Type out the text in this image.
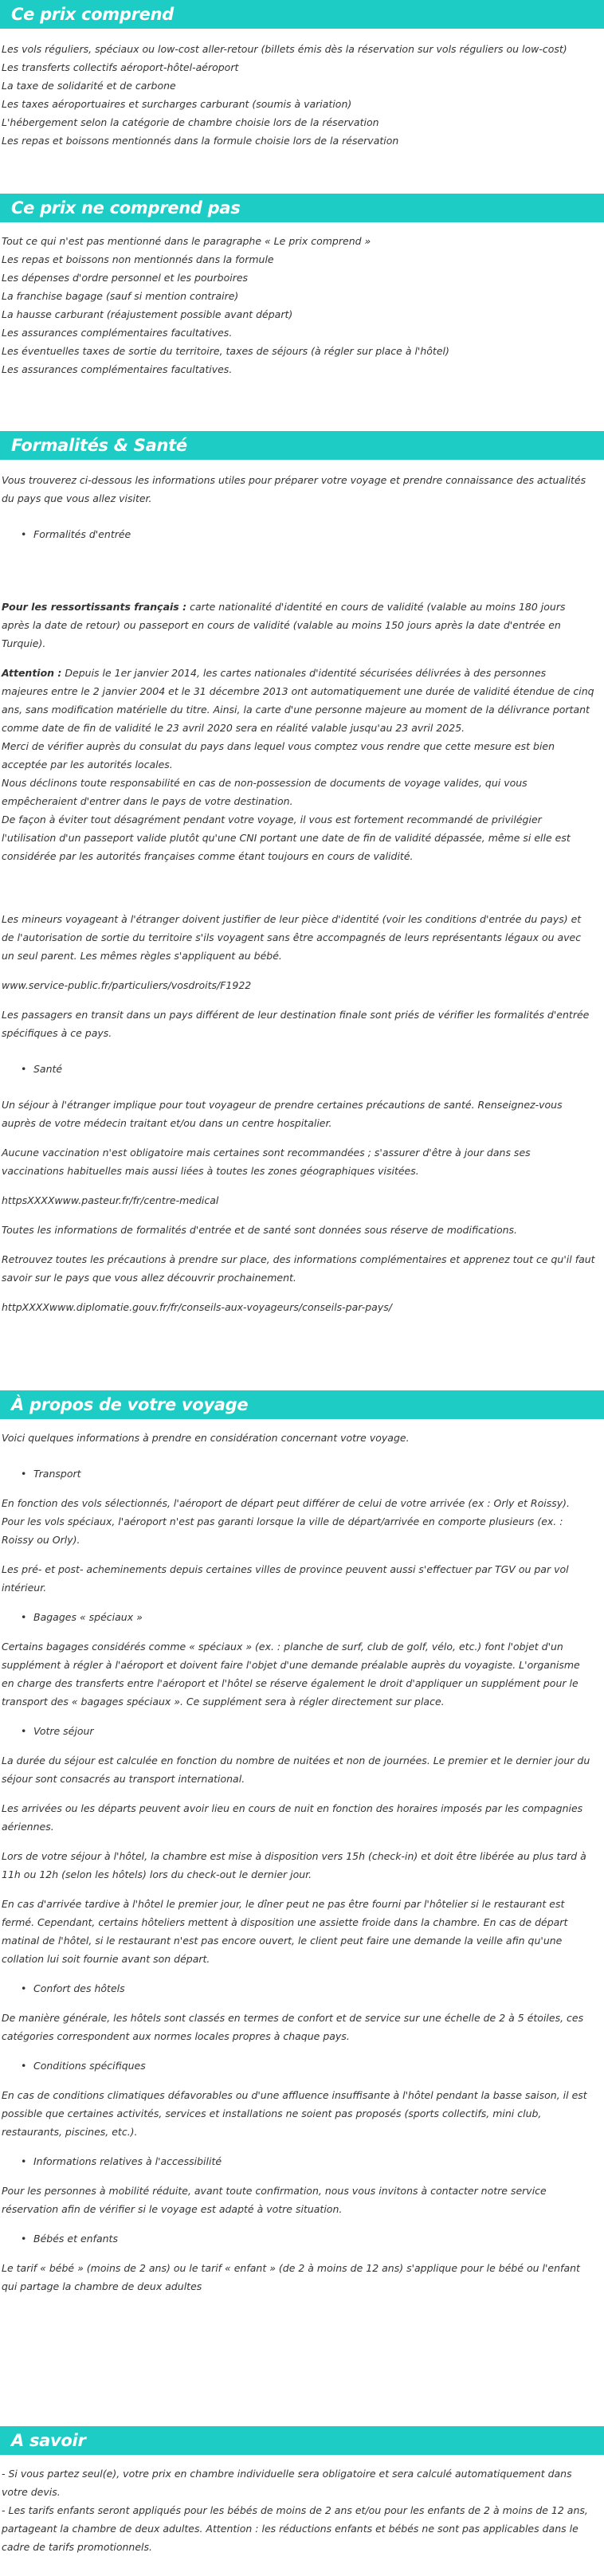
Ce prix comprend

Les vols réguliers, spéciaux ou low-cost aller-retour (billets émis dès la réservation sur vols réguliers ou low-cost)

Les transferts collectifs aéroport-hôtel-aéroport

La taxe de solidarité et de carbone

Les taxes aéroportuaires et surcharges carburant (soumis à variation)

L'hébergement selon la catégorie de chambre choisie lors de la réservation

Les repas et boissons mentionnés dans la formule choisie lors de la réservation

Ce prix ne comprend pas

Tout ce qui n'est pas mentionné dans le paragraphe « Le prix comprend »

Les repas et boissons non mentionnés dans la formule

Les dépenses d'ordre personnel et les pourboires

La franchise bagage (sauf si mention contraire)

La hausse carburant (réajustement possible avant départ)

Les assurances complémentaires facultatives.

Les éventuelles taxes de sortie du territoire, taxes de séjours (à régler sur place à l'hôtel)

Les assurances complémentaires facultatives.

Formalités & Santé

Vous trouverez ci-dessous les informations utiles pour préparer votre voyage et prendre connaissance des actualités du pays que vous allez visiter.

• Formalités d'entrée

Pour les ressortissants français : carte nationalité d'identité en cours de validité (valable au moins 180 jours après la date de retour) ou passeport en cours de validité (valable au moins 150 jours après la date d'entrée en Turquie).

Attention : Depuis le 1er janvier 2014, les cartes nationales d'identité sécurisées délivrées à des personnes majeures entre le 2 janvier 2004 et le 31 décembre 2013 ont automatiquement une durée de validité étendue de cinq ans, sans modification matérielle du titre. Ainsi, la carte d'une personne majeure au moment de la délivrance portant comme date de fin de validité le 23 avril 2020 sera en réalité valable jusqu'au 23 avril 2025.

Merci de vérifier auprès du consulat du pays dans lequel vous comptez vous rendre que cette mesure est bien acceptée par les autorités locales.

Nous déclinons toute responsabilité en cas de non-possession de documents de voyage valides, qui vous empêcheraient d'entrer dans le pays de votre destination.

De façon à éviter tout désagrément pendant votre voyage, il vous est fortement recommandé de privilégier l'utilisation d'un passeport valide plutôt qu'une CNI portant une date de fin de validité dépassée, même si elle est considérée par les autorités françaises comme étant toujours en cours de validité.

Les mineurs voyageant à l'étranger doivent justifier de leur pièce d'identité (voir les conditions d'entrée du pays) et de l'autorisation de sortie du territoire s'ils voyagent sans être accompagnés de leurs représentants légaux ou avec un seul parent. Les mêmes règles s'appliquent au bébé.

www.service-public.fr/particuliers/vosdroits/F1922

Les passagers en transit dans un pays différent de leur destination finale sont priés de vérifier les formalités d'entrée spécifiques à ce pays.

• Santé

Un séjour à l'étranger implique pour tout voyageur de prendre certaines précautions de santé. Renseignez-vous auprès de votre médecin traitant et/ou dans un centre hospitalier.

Aucune vaccination n'est obligatoire mais certaines sont recommandées ; s'assurer d'être à jour dans ses vaccinations habituelles mais aussi liées à toutes les zones géographiques visitées.

httpsXXXXwww.pasteur.fr/fr/centre-medical

Toutes les informations de formalités d'entrée et de santé sont données sous réserve de modifications.

Retrouvez toutes les précautions à prendre sur place, des informations complémentaires et apprenez tout ce qu'il faut savoir sur le pays que vous allez découvrir prochainement.

httpXXXXwww.diplomatie.gouv.fr/fr/conseils-aux-voyageurs/conseils-par-pays/

À propos de votre voyage

Voici quelques informations à prendre en considération concernant votre voyage.

• Transport

En fonction des vols sélectionnés, l'aéroport de départ peut différer de celui de votre arrivée (ex : Orly et Roissy). Pour les vols spéciaux, l'aéroport n'est pas garanti lorsque la ville de départ/arrivée en comporte plusieurs (ex. : Roissy ou Orly).

Les pré- et post- acheminements depuis certaines villes de province peuvent aussi s'effectuer par TGV ou par vol intérieur.

• Bagages « spéciaux »

Certains bagages considérés comme « spéciaux » (ex. : planche de surf, club de golf, vélo, etc.) font l'objet d'un supplément à régler à l'aéroport et doivent faire l'objet d'une demande préalable auprès du voyagiste. L'organisme en charge des transferts entre l'aéroport et l'hôtel se réserve également le droit d'appliquer un supplément pour le transport des « bagages spéciaux ». Ce supplément sera à régler directement sur place.

• Votre séjour

La durée du séjour est calculée en fonction du nombre de nuitées et non de journées. Le premier et le dernier jour du séjour sont consacrés au transport international.

Les arrivées ou les départs peuvent avoir lieu en cours de nuit en fonction des horaires imposés par les compagnies aériennes.

Lors de votre séjour à l'hôtel, la chambre est mise à disposition vers 15h (check-in) et doit être libérée au plus tard à 11h ou 12h (selon les hôtels) lors du check-out le dernier jour.

En cas d'arrivée tardive à l'hôtel le premier jour, le dîner peut ne pas être fourni par l'hôtelier si le restaurant est fermé. Cependant, certains hôteliers mettent à disposition une assiette froide dans la chambre. En cas de départ matinal de l'hôtel, si le restaurant n'est pas encore ouvert, le client peut faire une demande la veille afin qu'une collation lui soit fournie avant son départ.

• Confort des hôtels

De manière générale, les hôtels sont classés en termes de confort et de service sur une échelle de 2 à 5 étoiles, ces catégories correspondent aux normes locales propres à chaque pays.

• Conditions spécifiques

En cas de conditions climatiques défavorables ou d'une affluence insuffisante à l'hôtel pendant la basse saison, il est possible que certaines activités, services et installations ne soient pas proposés (sports collectifs, mini club, restaurants, piscines, etc.).

• Informations relatives à l'accessibilité

Pour les personnes à mobilité réduite, avant toute confirmation, nous vous invitons à contacter notre service réservation afin de vérifier si le voyage est adapté à votre situation.

• Bébés et enfants

Le tarif « bébé » (moins de 2 ans) ou le tarif « enfant » (de 2 à moins de 12 ans) s'applique pour le bébé ou l'enfant qui partage la chambre de deux adultes

A savoir

- Si vous partez seul(e), votre prix en chambre individuelle sera obligatoire et sera calculé automatiquement dans votre devis.

- Les tarifs enfants seront appliqués pour les bébés de moins de 2 ans et/ou pour les enfants de 2 à moins de 12 ans, partageant la chambre de deux adultes. Attention : les réductions enfants et bébés ne sont pas applicables dans le cadre de tarifs promotionnels.
